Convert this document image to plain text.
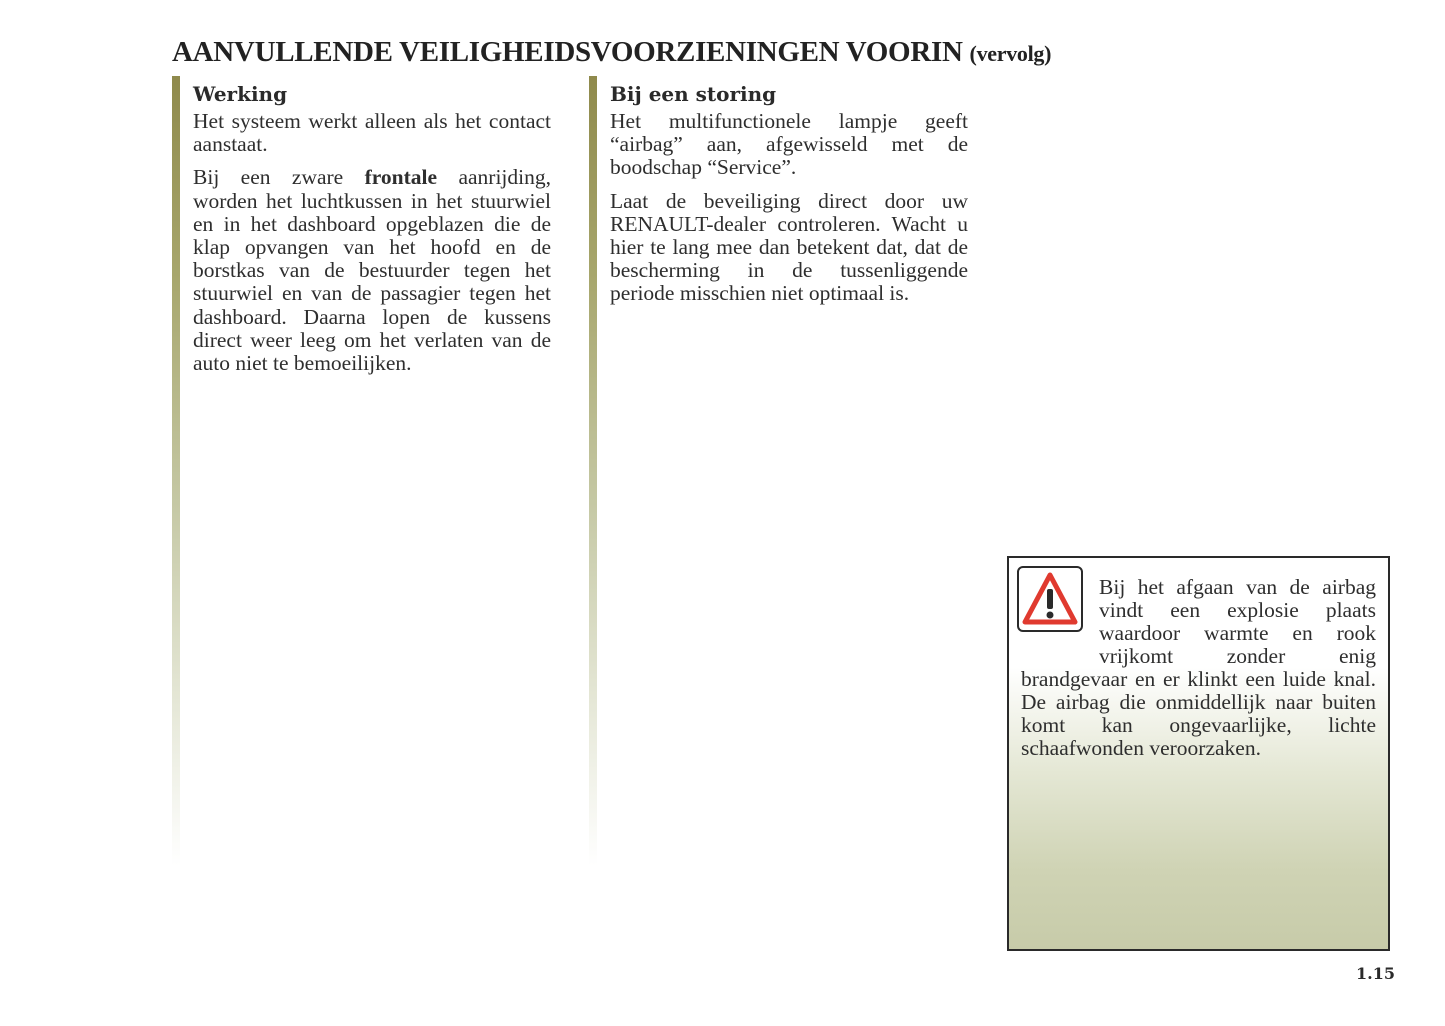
AANVULLENDE VEILIGHEIDSVOORZIENINGEN VOORIN (vervolg)
Werking

Het systeem werkt alleen als het contact aanstaat.

Bij een zware frontale aanrijding, worden het luchtkussen in het stuurwiel en in het dashboard opgeblazen die de klap opvangen van het hoofd en de borstkas van de bestuurder tegen het stuurwiel en van de passagier tegen het dashboard. Daarna lopen de kussens direct weer leeg om het verlaten van de auto niet te bemoeilijken.

Bij een storing

Het multifunctionele lampje geeft “airbag” aan, afgewisseld met de boodschap “Service”.

Laat de beveiliging direct door uw RENAULT-dealer controleren. Wacht u hier te lang mee dan betekent dat, dat de bescherming in de tussenliggende periode misschien niet optimaal is.

Bij het afgaan van de airbag vindt een explosie plaats waardoor warmte en rook vrijkomt zonder enig brandgevaar en er klinkt een luide knal. De airbag die onmiddellijk naar buiten komt kan ongevaarlijke, lichte schaafwonden veroorzaken.
1.15
